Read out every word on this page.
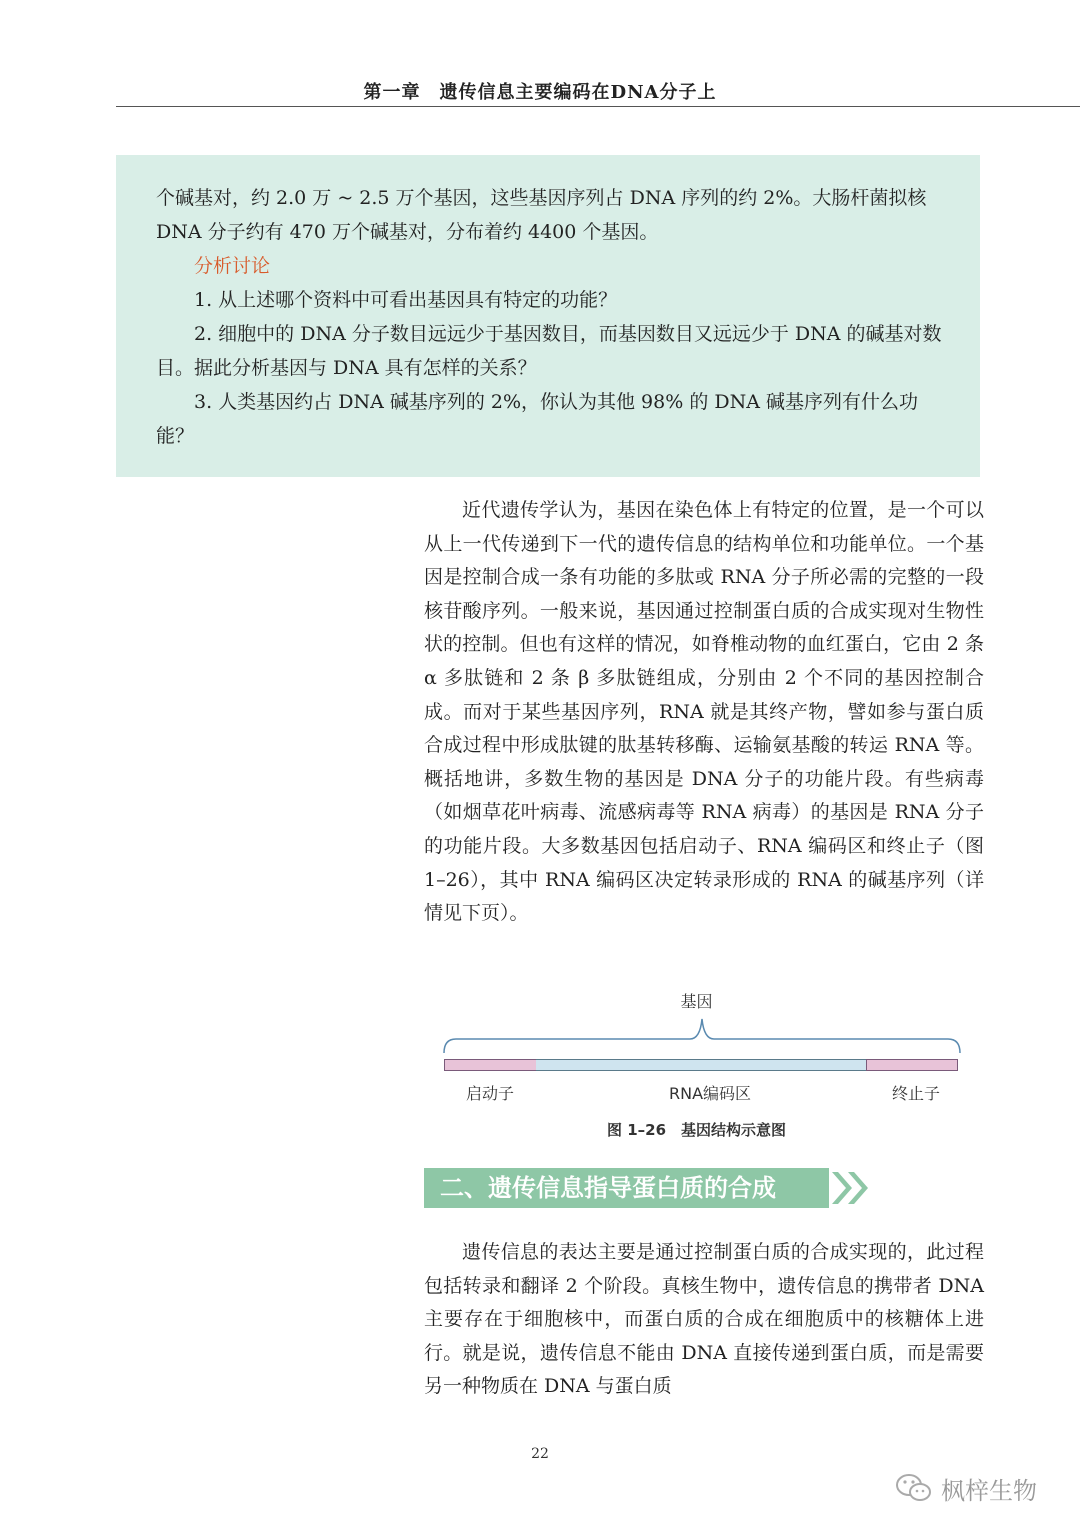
第一章　遗传信息主要编码在DNA分子上

个碱基对，约 2.0 万 ~ 2.5 万个基因，这些基因序列占 DNA 序列的约 2%。大肠杆菌拟核 DNA 分子约有 470 万个碱基对，分布着约 4400 个基因。

分析讨论

1. 从上述哪个资料中可看出基因具有特定的功能？

2. 细胞中的 DNA 分子数目远远少于基因数目，而基因数目又远远少于 DNA 的碱基对数目。据此分析基因与 DNA 具有怎样的关系？

3. 人类基因约占 DNA 碱基序列的 2%，你认为其他 98% 的 DNA 碱基序列有什么功能？

近代遗传学认为，基因在染色体上有特定的位置，是一个可以从上一代传递到下一代的遗传信息的结构单位和功能单位。一个基因是控制合成一条有功能的多肽或 RNA 分子所必需的完整的一段核苷酸序列。一般来说，基因通过控制蛋白质的合成实现对生物性状的控制。但也有这样的情况，如脊椎动物的血红蛋白，它由 2 条 α 多肽链和 2 条 β 多肽链组成，分别由 2 个不同的基因控制合成。而对于某些基因序列，RNA 就是其终产物，譬如参与蛋白质合成过程中形成肽键的肽基转移酶、运输氨基酸的转运 RNA 等。概括地讲，多数生物的基因是 DNA 分子的功能片段。有些病毒（如烟草花叶病毒、流感病毒等 RNA 病毒）的基因是 RNA 分子的功能片段。大多数基因包括启动子、RNA 编码区和终止子（图 1–26），其中 RNA 编码区决定转录形成的 RNA 的碱基序列（详情见下页）。

基因
启动子	RNA编码区	终止子
图 1–26　基因结构示意图
二、遗传信息指导蛋白质的合成

遗传信息的表达主要是通过控制蛋白质的合成实现的，此过程包括转录和翻译 2 个阶段。真核生物中，遗传信息的携带者 DNA 主要存在于细胞核中，而蛋白质的合成在细胞质中的核糖体上进行。就是说，遗传信息不能由 DNA 直接传递到蛋白质，而是需要另一种物质在 DNA 与蛋白质

22
枫梓生物
